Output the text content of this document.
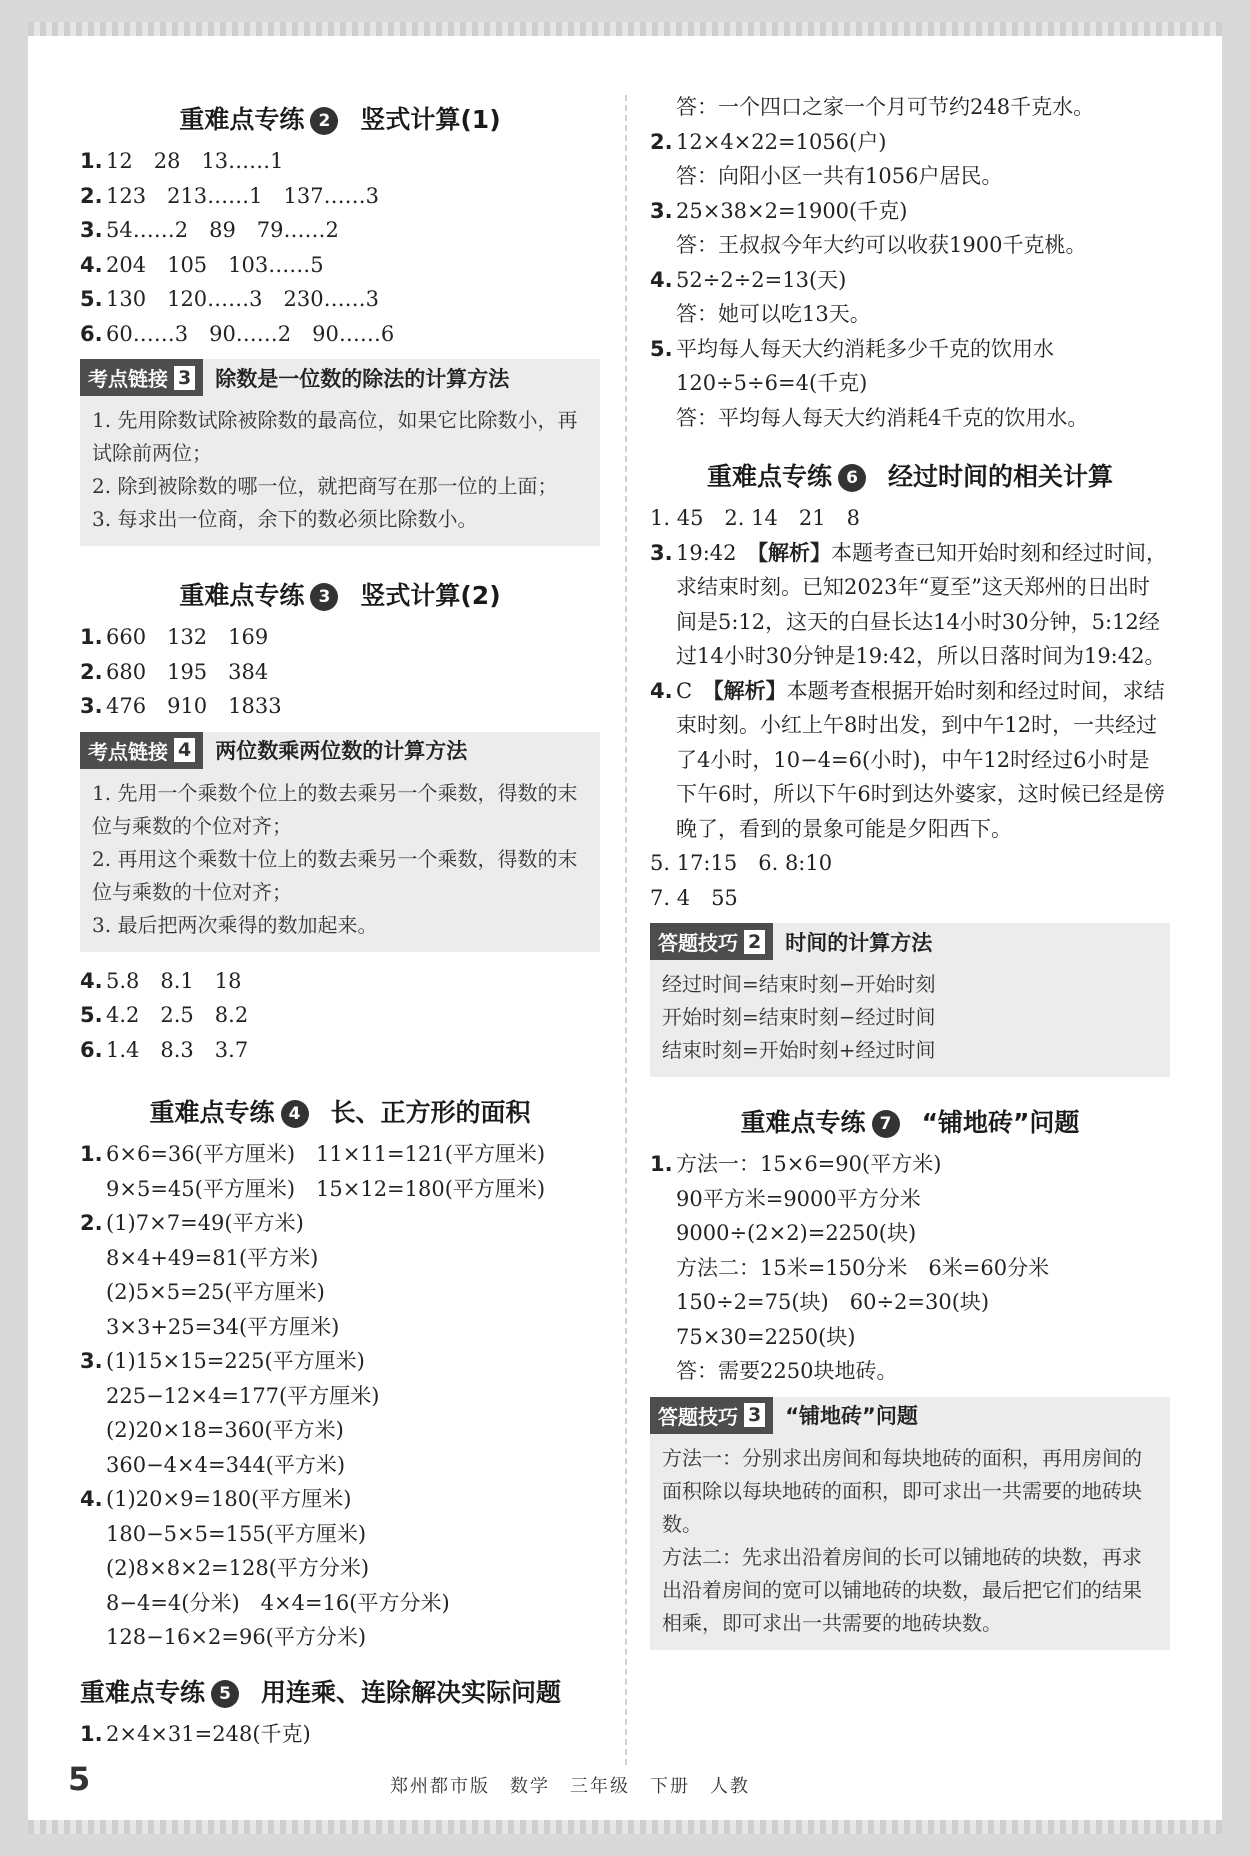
重难点专练 2 竖式计算(1)
1. 12　28　13……1
2. 123　213……1　137……3
3. 54……2　89　79……2
4. 204　105　103……5
5. 130　120……3　230……3
6. 60……3　90……2　90……6
考点链接 3 除数是一位数的除法的计算方法
1. 先用除数试除被除数的最高位，如果它比除数小，再试除前两位；
2. 除到被除数的哪一位，就把商写在那一位的上面；
3. 每求出一位商，余下的数必须比除数小。
重难点专练 3 竖式计算(2)
1. 660　132　169
2. 680　195　384
3. 476　910　1833
考点链接 4 两位数乘两位数的计算方法
1. 先用一个乘数个位上的数去乘另一个乘数，得数的末位与乘数的个位对齐；
2. 再用这个乘数十位上的数去乘另一个乘数，得数的末位与乘数的十位对齐；
3. 最后把两次乘得的数加起来。
4. 5.8　8.1　18
5. 4.2　2.5　8.2
6. 1.4　8.3　3.7
重难点专练 4 长、正方形的面积
1. 6×6=36(平方厘米)　11×11=121(平方厘米)
9×5=45(平方厘米)　15×12=180(平方厘米)
2. (1)7×7=49(平方米)
8×4+49=81(平方米)
(2)5×5=25(平方厘米)
3×3+25=34(平方厘米)
3. (1)15×15=225(平方厘米)
225−12×4=177(平方厘米)
(2)20×18=360(平方米)
360−4×4=344(平方米)
4. (1)20×9=180(平方厘米)
180−5×5=155(平方厘米)
(2)8×8×2=128(平方分米)
8−4=4(分米)　4×4=16(平方分米)
128−16×2=96(平方分米)
重难点专练 5 用连乘、连除解决实际问题
1. 2×4×31=248(千克)
答：一个四口之家一个月可节约248千克水。
2. 12×4×22=1056(户)
答：向阳小区一共有1056户居民。
3. 25×38×2=1900(千克)
答：王叔叔今年大约可以收获1900千克桃。
4. 52÷2÷2=13(天)
答：她可以吃13天。
5. 平均每人每天大约消耗多少千克的饮用水
120÷5÷6=4(千克)
答：平均每人每天大约消耗4千克的饮用水。
重难点专练 6 经过时间的相关计算
1. 45　2. 14　21　8
3. 19:42　【解析】本题考查已知开始时刻和经过时间，求结束时刻。已知2023年“夏至”这天郑州的日出时间是5:12，这天的白昼长达14小时30分钟，5:12经过14小时30分钟是19:42，所以日落时间为19:42。
4. C　【解析】本题考查根据开始时刻和经过时间，求结束时刻。小红上午8时出发，到中午12时，一共经过了4小时，10−4=6(小时)，中午12时经过6小时是下午6时，所以下午6时到达外婆家，这时候已经是傍晚了，看到的景象可能是夕阳西下。
5. 17:15　6. 8:10
7. 4　55
答题技巧 2 时间的计算方法
经过时间=结束时刻−开始时刻
开始时刻=结束时刻−经过时间
结束时刻=开始时刻+经过时间
重难点专练 7 “铺地砖”问题
1. 方法一：15×6=90(平方米)
90平方米=9000平方分米
9000÷(2×2)=2250(块)
方法二：15米=150分米　6米=60分米
150÷2=75(块)　60÷2=30(块)
75×30=2250(块)
答：需要2250块地砖。
答题技巧 3 “铺地砖”问题
方法一：分别求出房间和每块地砖的面积，再用房间的面积除以每块地砖的面积，即可求出一共需要的地砖块数。
方法二：先求出沿着房间的长可以铺地砖的块数，再求出沿着房间的宽可以铺地砖的块数，最后把它们的结果相乘，即可求出一共需要的地砖块数。
5	郑州都市版　数学　三年级　下册　人教
